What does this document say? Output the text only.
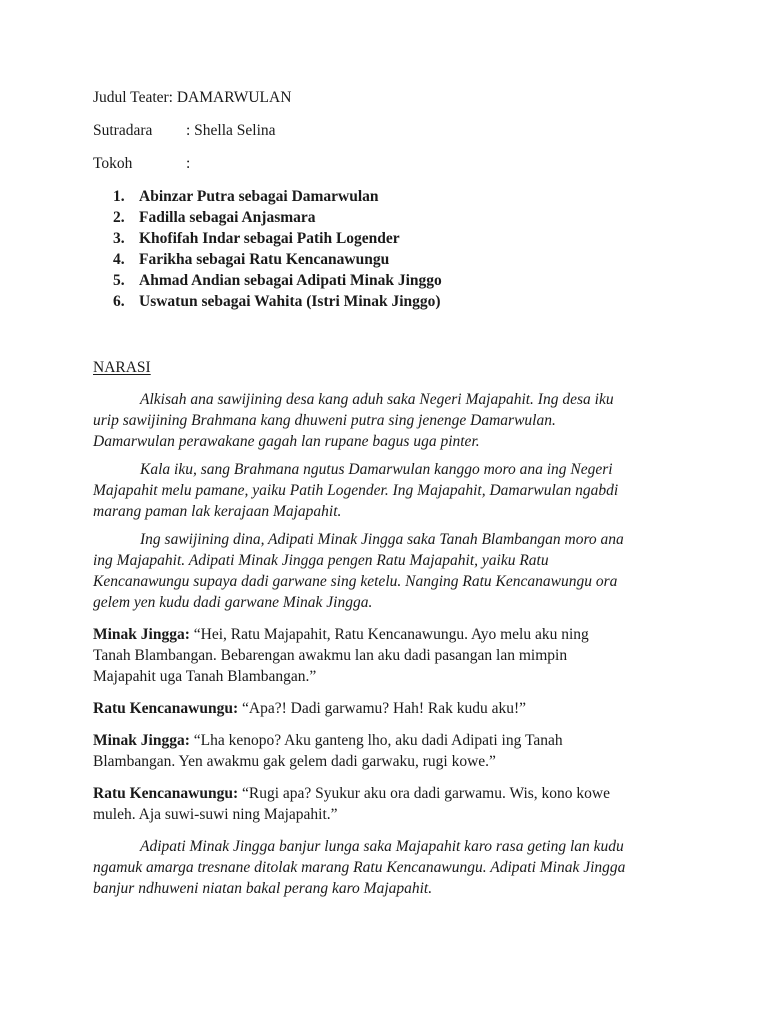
Judul Teater: DAMARWULAN
Sutradara : Shella Selina
Tokoh	:
1. Abinzar Putra sebagai Damarwulan
2. Fadilla sebagai Anjasmara
3. Khofifah Indar sebagai Patih Logender
4. Farikha sebagai Ratu Kencanawungu
5. Ahmad Andian sebagai Adipati Minak Jinggo
6. Uswatun sebagai Wahita (Istri Minak Jinggo)
NARASI
Alkisah ana sawijining desa kang aduh saka Negeri Majapahit. Ing desa iku
urip sawijining Brahmana kang dhuweni putra sing jenenge Damarwulan.
Damarwulan perawakane gagah lan rupane bagus uga pinter.
Kala iku, sang Brahmana ngutus Damarwulan kanggo moro ana ing Negeri
Majapahit melu pamane, yaiku Patih Logender. Ing Majapahit, Damarwulan ngabdi
marang paman lak kerajaan Majapahit.
Ing sawijining dina, Adipati Minak Jingga saka Tanah Blambangan moro ana
ing Majapahit. Adipati Minak Jingga pengen Ratu Majapahit, yaiku Ratu
Kencanawungu supaya dadi garwane sing ketelu. Nanging Ratu Kencanawungu ora
gelem yen kudu dadi garwane Minak Jingga.
Minak Jingga: “Hei, Ratu Majapahit, Ratu Kencanawungu. Ayo melu aku ning
Tanah Blambangan. Bebarengan awakmu lan aku dadi pasangan lan mimpin
Majapahit uga Tanah Blambangan.”
Ratu Kencanawungu: “Apa?! Dadi garwamu? Hah! Rak kudu aku!”
Minak Jingga: “Lha kenopo? Aku ganteng lho, aku dadi Adipati ing Tanah
Blambangan. Yen awakmu gak gelem dadi garwaku, rugi kowe.”
Ratu Kencanawungu: “Rugi apa? Syukur aku ora dadi garwamu. Wis, kono kowe
muleh. Aja suwi-suwi ning Majapahit.”
Adipati Minak Jingga banjur lunga saka Majapahit karo rasa geting lan kudu
ngamuk amarga tresnane ditolak marang Ratu Kencanawungu. Adipati Minak Jingga
banjur ndhuweni niatan bakal perang karo Majapahit.
